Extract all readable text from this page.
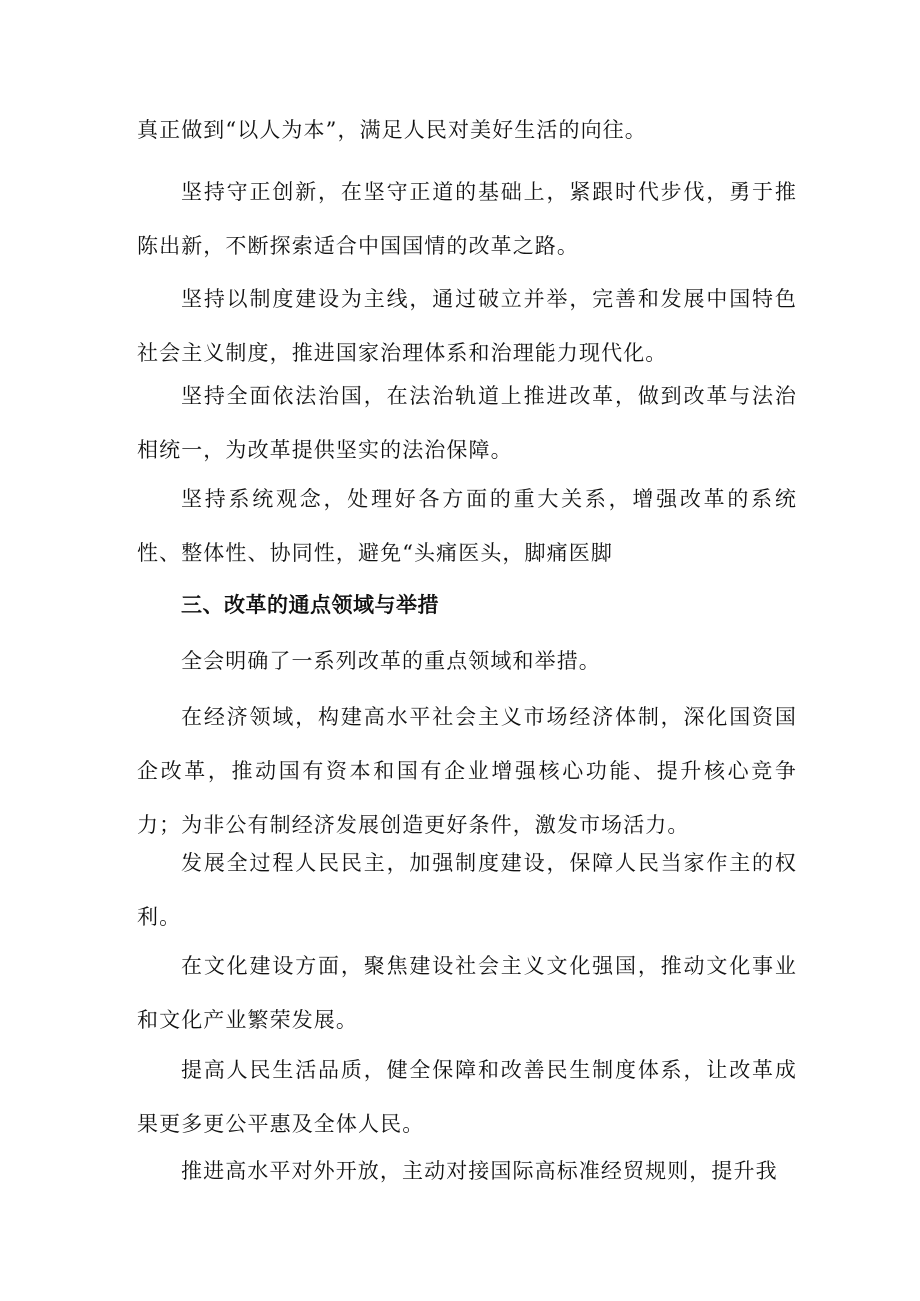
真正做到“以人为本”，满足人民对美好生活的向往。

坚持守正创新，在坚守正道的基础上，紧跟时代步伐，勇于推陈出新，不断探索适合中国国情的改革之路。

坚持以制度建设为主线，通过破立并举，完善和发展中国特色社会主义制度，推进国家治理体系和治理能力现代化。

坚持全面依法治国，在法治轨道上推进改革，做到改革与法治相统一，为改革提供坚实的法治保障。

坚持系统观念，处理好各方面的重大关系，增强改革的系统性、整体性、协同性，避免“头痛医头，脚痛医脚

三、改革的通点领域与举措

全会明确了一系列改革的重点领域和举措。

在经济领域，构建高水平社会主义市场经济体制，深化国资国企改革，推动国有资本和国有企业增强核心功能、提升核心竞争力；为非公有制经济发展创造更好条件，激发市场活力。

发展全过程人民民主，加强制度建设，保障人民当家作主的权利。

在文化建设方面，聚焦建设社会主义文化强国，推动文化事业和文化产业繁荣发展。

提高人民生活品质，健全保障和改善民生制度体系，让改革成果更多更公平惠及全体人民。

推进高水平对外开放，主动对接国际高标准经贸规则，提升我
